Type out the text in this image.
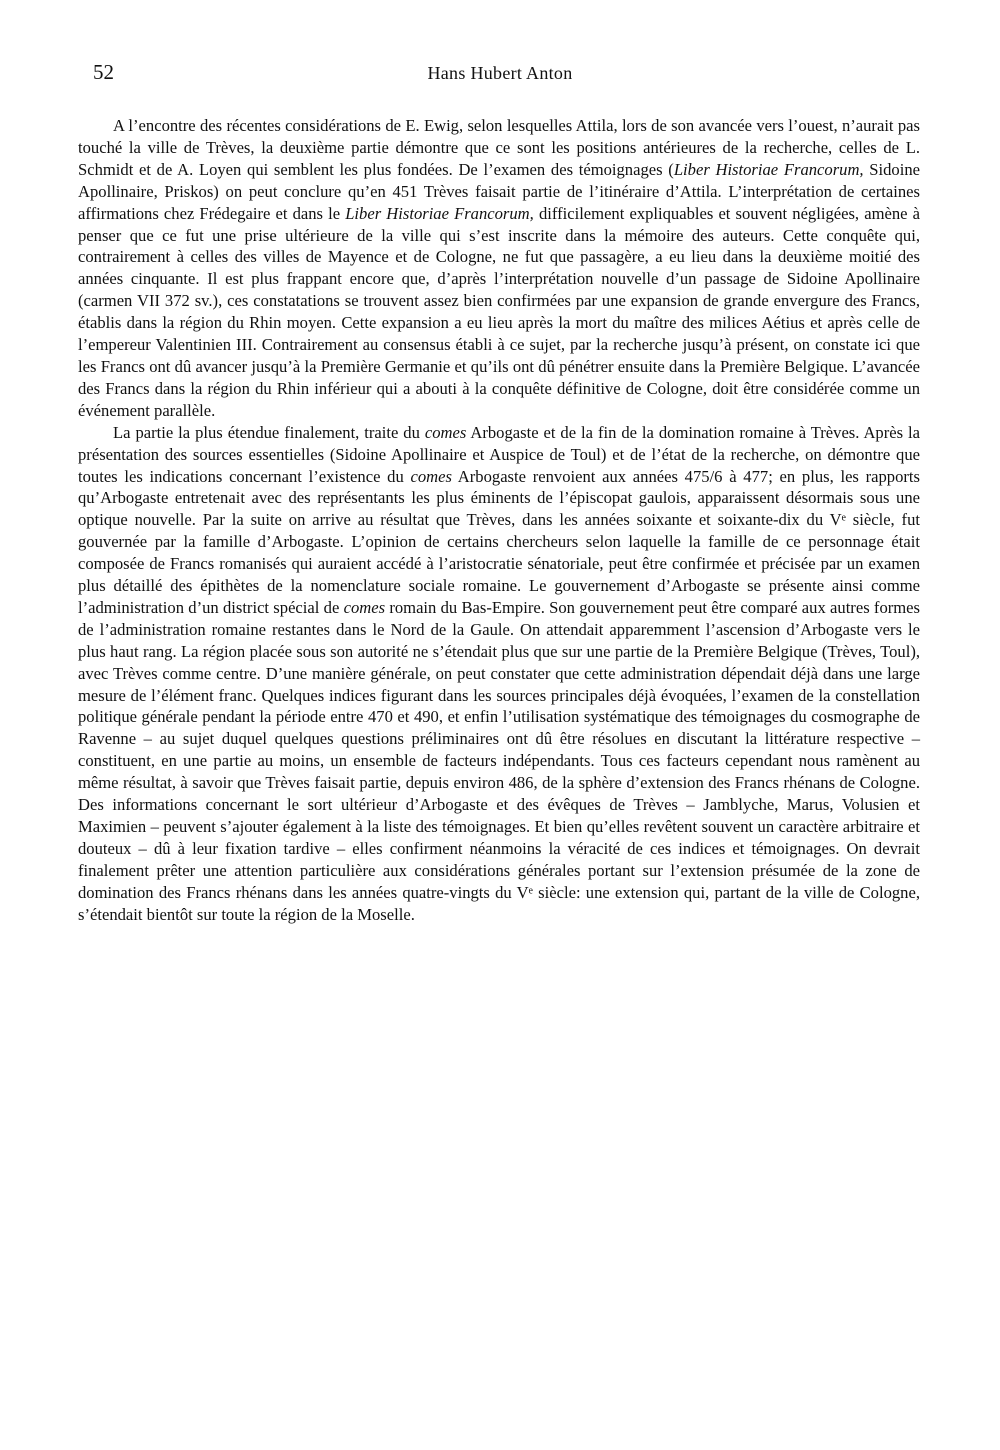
52	Hans Hubert Anton

A l’encontre des récentes considérations de E. Ewig, selon lesquelles Attila, lors de son avancée vers l’ouest, n’aurait pas touché la ville de Trèves, la deuxième partie démontre que ce sont les positions antérieures de la recherche, celles de L. Schmidt et de A. Loyen qui semblent les plus fondées. De l’examen des témoignages (Liber Historiae Francorum, Sidoine Apollinaire, Priskos) on peut conclure qu’en 451 Trèves faisait partie de l’itinéraire d’Attila. L’interprétation de certaines affirmations chez Frédegaire et dans le Liber Historiae Francorum, difficilement expliquables et souvent négligées, amène à penser que ce fut une prise ultérieure de la ville qui s’est inscrite dans la mémoire des auteurs. Cette conquête qui, contrairement à celles des villes de Mayence et de Cologne, ne fut que passagère, a eu lieu dans la deuxième moitié des années cinquante. Il est plus frappant encore que, d’après l’interprétation nouvelle d’un passage de Sidoine Apollinaire (carmen VII 372 sv.), ces constatations se trouvent assez bien confirmées par une expansion de grande envergure des Francs, établis dans la région du Rhin moyen. Cette expansion a eu lieu après la mort du maître des milices Aétius et après celle de l’empereur Valentinien III. Contrairement au consensus établi à ce sujet, par la recherche jusqu’à présent, on constate ici que les Francs ont dû avancer jusqu’à la Première Germanie et qu’ils ont dû pénétrer ensuite dans la Première Belgique. L’avancée des Francs dans la région du Rhin inférieur qui a abouti à la conquête définitive de Cologne, doit être considérée comme un événement parallèle.

La partie la plus étendue finalement, traite du comes Arbogaste et de la fin de la domination romaine à Trèves. Après la présentation des sources essentielles (Sidoine Apollinaire et Auspice de Toul) et de l’état de la recherche, on démontre que toutes les indications concernant l’existence du comes Arbogaste renvoient aux années 475/6 à 477; en plus, les rapports qu’Arbogaste entretenait avec des représentants les plus éminents de l’épiscopat gaulois, apparaissent désormais sous une optique nouvelle. Par la suite on arrive au résultat que Trèves, dans les années soixante et soixante-dix du Vᵉ siècle, fut gouvernée par la famille d’Arbogaste. L’opinion de certains chercheurs selon laquelle la famille de ce personnage était composée de Francs romanisés qui auraient accédé à l’aristocratie sénatoriale, peut être confirmée et précisée par un examen plus détaillé des épithètes de la nomenclature sociale romaine. Le gouvernement d’Arbogaste se présente ainsi comme l’administration d’un district spécial de comes romain du Bas-Empire. Son gouvernement peut être comparé aux autres formes de l’administration romaine restantes dans le Nord de la Gaule. On attendait apparemment l’ascension d’Arbogaste vers le plus haut rang. La région placée sous son autorité ne s’étendait plus que sur une partie de la Première Belgique (Trèves, Toul), avec Trèves comme centre. D’une manière générale, on peut constater que cette administration dépendait déjà dans une large mesure de l’élément franc. Quelques indices figurant dans les sources principales déjà évoquées, l’examen de la constellation politique générale pendant la période entre 470 et 490, et enfin l’utilisation systématique des témoignages du cosmographe de Ravenne – au sujet duquel quelques questions préliminaires ont dû être résolues en discutant la littérature respective – constituent, en une partie au moins, un ensemble de facteurs indépendants. Tous ces facteurs cependant nous ramènent au même résultat, à savoir que Trèves faisait partie, depuis environ 486, de la sphère d’extension des Francs rhénans de Cologne. Des informations concernant le sort ultérieur d’Arbogaste et des évêques de Trèves – Jamblyche, Marus, Volusien et Maximien – peuvent s’ajouter également à la liste des témoignages. Et bien qu’elles revêtent souvent un caractère arbitraire et douteux – dû à leur fixation tardive – elles confirment néanmoins la véracité de ces indices et témoignages. On devrait finalement prêter une attention particulière aux considérations générales portant sur l’extension présumée de la zone de domination des Francs rhénans dans les années quatre-vingts du Vᵉ siècle: une extension qui, partant de la ville de Cologne, s’étendait bientôt sur toute la région de la Moselle.
